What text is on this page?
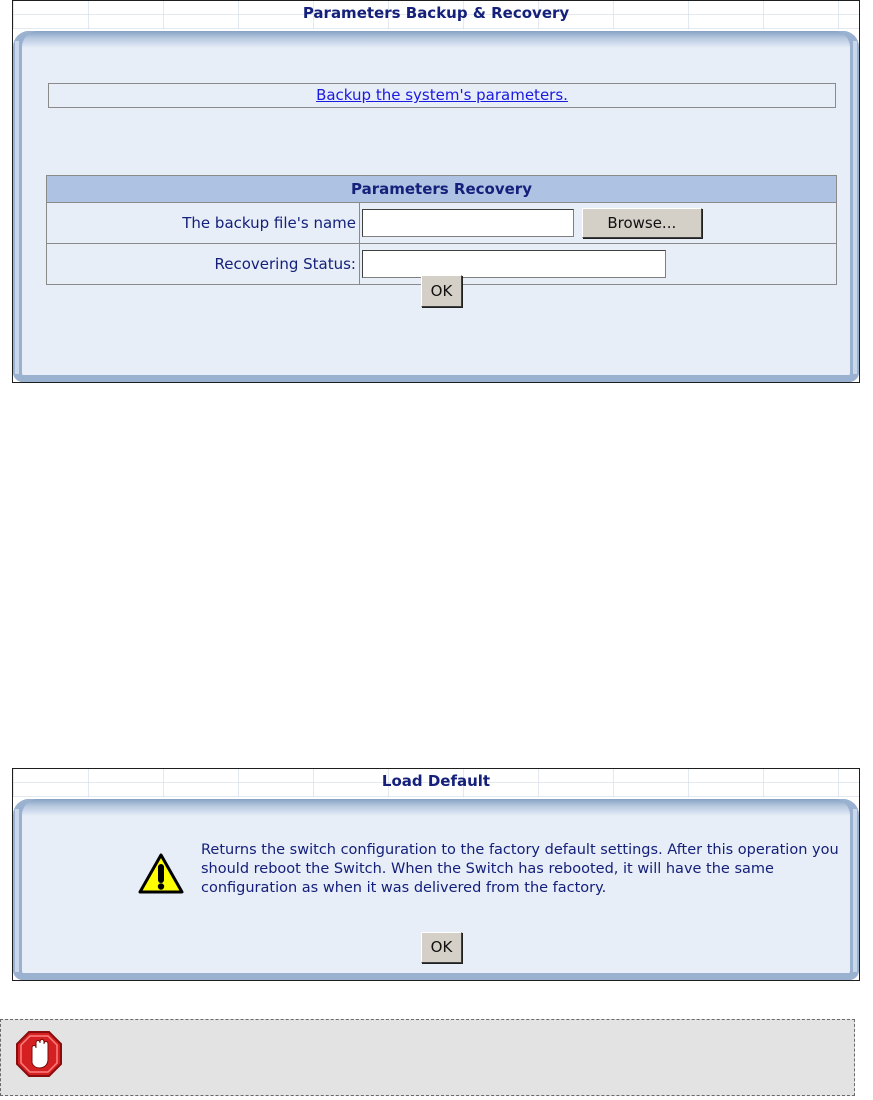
Parameters Backup & Recovery
Backup the system's parameters.
Parameters Recovery	
The backup file's name	Browse...
Recovering Status:	
OK
Load Default
Returns the switch configuration to the factory default settings. After this operation you should reboot the Switch. When the Switch has rebooted, it will have the same configuration as when it was delivered from the factory.
OK
